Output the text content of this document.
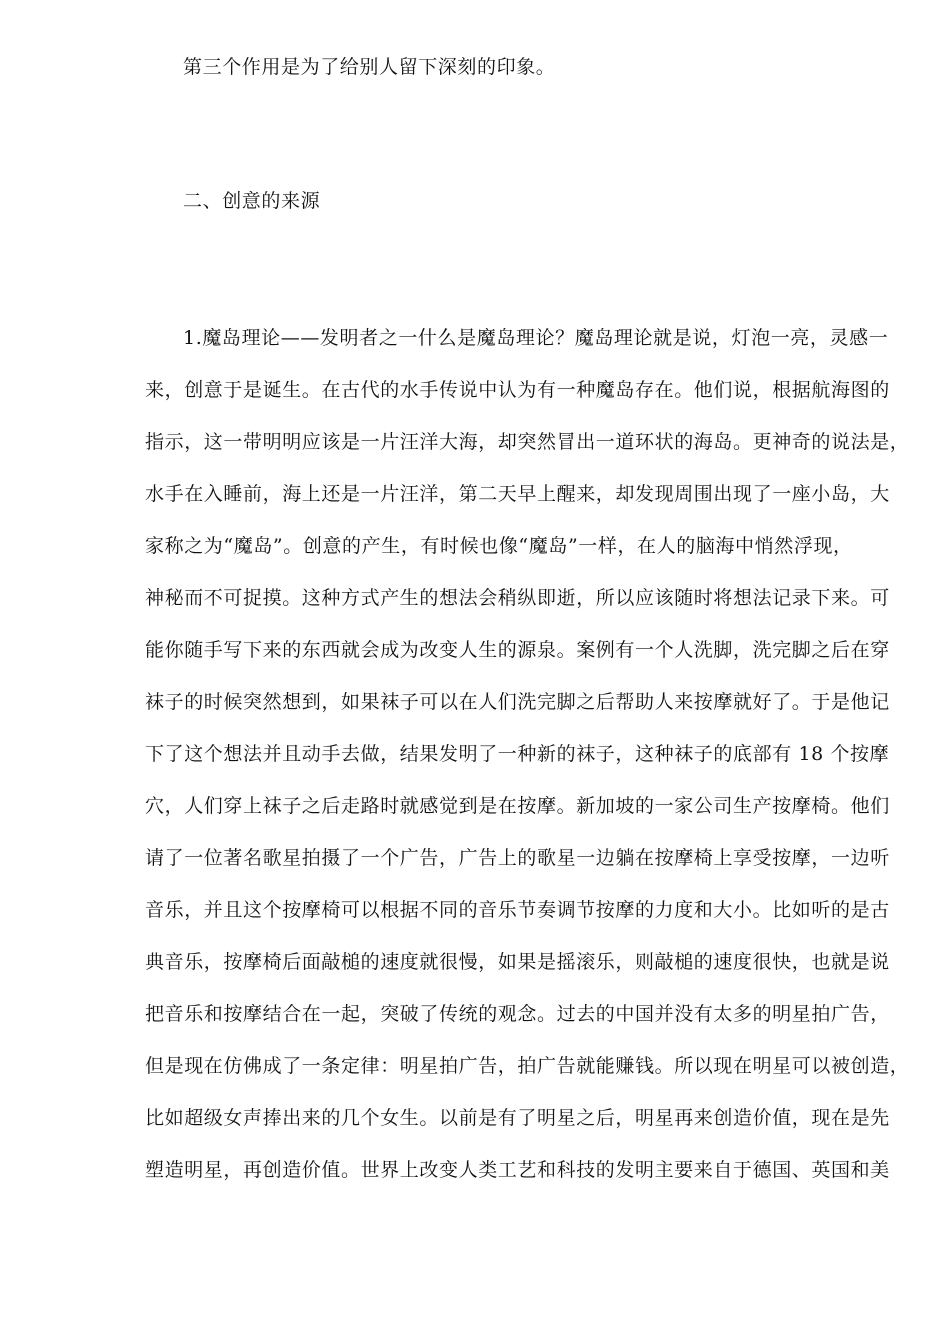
第三个作用是为了给别人留下深刻的印象。
二、创意的来源
1.魔岛理论——发明者之一什么是魔岛理论？魔岛理论就是说，灯泡一亮，灵感一
来，创意于是诞生。在古代的水手传说中认为有一种魔岛存在。他们说，根据航海图的
指示，这一带明明应该是一片汪洋大海，却突然冒出一道环状的海岛。更神奇的说法是，
水手在入睡前，海上还是一片汪洋，第二天早上醒来，却发现周围出现了一座小岛，大
家称之为“魔岛”。创意的产生，有时候也像“魔岛”一样，在人的脑海中悄然浮现，
神秘而不可捉摸。这种方式产生的想法会稍纵即逝，所以应该随时将想法记录下来。可
能你随手写下来的东西就会成为改变人生的源泉。案例有一个人洗脚，洗完脚之后在穿
袜子的时候突然想到，如果袜子可以在人们洗完脚之后帮助人来按摩就好了。于是他记
下了这个想法并且动手去做，结果发明了一种新的袜子，这种袜子的底部有 18 个按摩
穴，人们穿上袜子之后走路时就感觉到是在按摩。新加坡的一家公司生产按摩椅。他们
请了一位著名歌星拍摄了一个广告，广告上的歌星一边躺在按摩椅上享受按摩，一边听
音乐，并且这个按摩椅可以根据不同的音乐节奏调节按摩的力度和大小。比如听的是古
典音乐，按摩椅后面敲槌的速度就很慢，如果是摇滚乐，则敲槌的速度很快，也就是说
把音乐和按摩结合在一起，突破了传统的观念。过去的中国并没有太多的明星拍广告，
但是现在仿佛成了一条定律：明星拍广告，拍广告就能赚钱。所以现在明星可以被创造，
比如超级女声捧出来的几个女生。以前是有了明星之后，明星再来创造价值，现在是先
塑造明星，再创造价值。世界上改变人类工艺和科技的发明主要来自于德国、英国和美
